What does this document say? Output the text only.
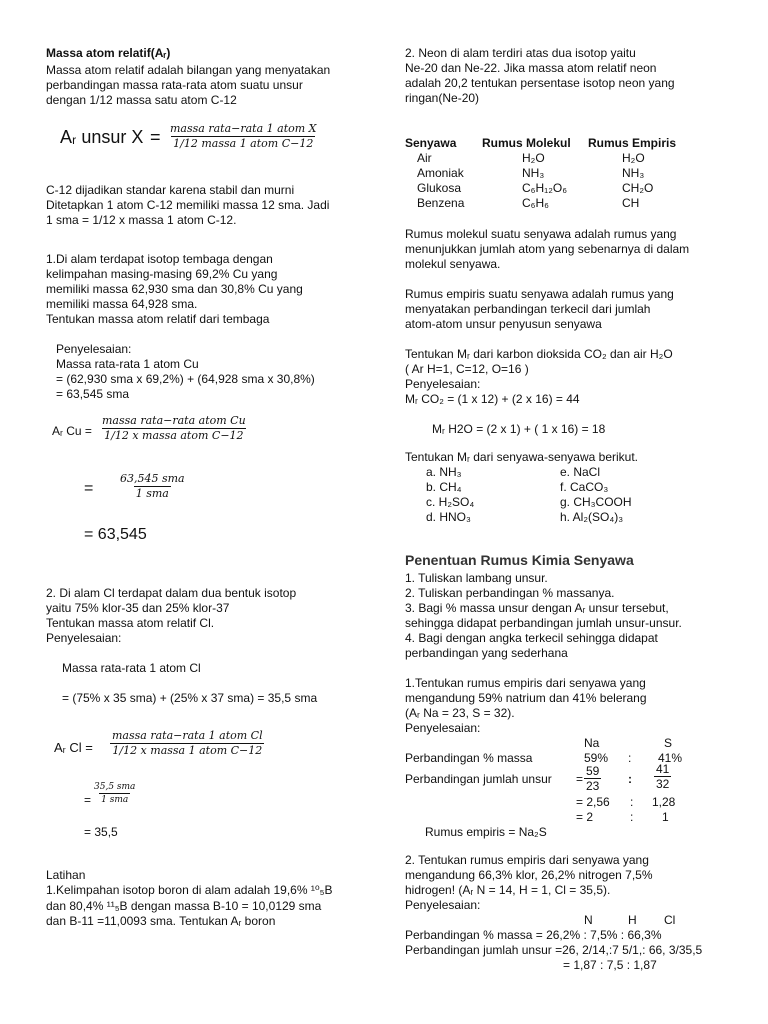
Massa atom relatif(Aᵣ)
Massa atom relatif adalah bilangan yang menyatakan
perbandingan massa rata-rata atom suatu unsur
dengan 1/12 massa satu atom C-12
Aᵣ unsur X = massa rata−rata 1 atom X
1/12 massa 1 atom C−12
C-12 dijadikan standar karena stabil dan murni
Ditetapkan 1 atom C-12 memiliki massa 12 sma. Jadi
1 sma = 1/12 x massa 1 atom C-12.
1.Di alam terdapat isotop tembaga dengan
kelimpahan masing-masing 69,2% Cu yang
memiliki massa 62,930 sma dan 30,8% Cu yang
memiliki massa 64,928 sma.
Tentukan massa atom relatif dari tembaga
Penyelesaian:
Massa rata-rata 1 atom Cu
= (62,930 sma x 69,2%) + (64,928 sma x 30,8%)
= 63,545 sma
Aᵣ Cu =
massa rata−rata atom Cu
1/12 x massa atom C−12
=
63,545 sma
1 sma
= 63,545
2. Di alam Cl terdapat dalam dua bentuk isotop
yaitu 75% klor-35 dan 25% klor-37
Tentukan massa atom relatif Cl.
Penyelesaian:
Massa rata-rata 1 atom Cl
= (75% x 35 sma) + (25% x 37 sma) = 35,5 sma
Aᵣ Cl =
massa rata−rata 1 atom Cl
1/12 x massa 1 atom C−12
=
35,5 sma
1 sma
= 35,5
Latihan
1.Kelimpahan isotop boron di alam adalah 19,6% ¹⁰₅B
dan 80,4% ¹¹₅B dengan massa B-10 = 10,0129 sma
dan B-11 =11,0093 sma. Tentukan Aᵣ boron
2. Neon di alam terdiri atas dua isotop yaitu
Ne-20 dan Ne-22. Jika massa atom relatif neon
adalah 20,2 tentukan persentase isotop neon yang
ringan(Ne-20)
Senyawa Rumus Molekul Rumus Empiris
Air	H₂O	H₂O
Amoniak	NH₃	NH₃
Glukosa	C₆H₁₂O₆	CH₂O
Benzena	C₆H₆	CH
Rumus molekul suatu senyawa adalah rumus yang
menunjukkan jumlah atom yang sebenarnya di dalam
molekul senyawa.
Rumus empiris suatu senyawa adalah rumus yang
menyatakan perbandingan terkecil dari jumlah
atom-atom unsur penyusun senyawa
Tentukan Mᵣ dari karbon dioksida CO₂ dan air H₂O
( Ar H=1, C=12, O=16 )
Penyelesaian:
Mᵣ CO₂ = (1 x 12) + (2 x 16) = 44
Mᵣ H2O = (2 x 1) + ( 1 x 16) = 18
Tentukan Mᵣ dari senyawa-senyawa berikut.
a. NH₃
b. CH₄
c. H₂SO₄
d. HNO₃
e. NaCl
f. CaCO₃
g. CH₃COOH
h. Al₂(SO₄)₃
Penentuan Rumus Kimia Senyawa
1. Tuliskan lambang unsur.
2. Tuliskan perbandingan % massanya.
3. Bagi % massa unsur dengan Aᵣ unsur tersebut,
sehingga didapat perbandingan jumlah unsur-unsur.
4. Bagi dengan angka terkecil sehingga didapat
perbandingan yang sederhana
1.Tentukan rumus empiris dari senyawa yang
mengandung 59% natrium dan 41% belerang
(Aᵣ Na = 23, S = 32).
Penyelesaian:
Na	S
Perbandingan % massa	59% : 41%
Perbandingan jumlah unsur = $\frac{59}{23}$ : $\frac{41}{32}$
= 2,56 : 1,28
= 2	: 1
Rumus empiris = Na₂S
2. Tentukan rumus empiris dari senyawa yang
mengandung 66,3% klor, 26,2% nitrogen 7,5%
hidrogen! (Aᵣ N = 14, H = 1, Cl = 35,5).
Penyelesaian:
N	H Cl
Perbandingan % massa = 26,2% : 7,5% : 66,3%
Perbandingan jumlah unsur =26, 2/14,:7 5/1,: 66, 3/35,5
= 1,87 : 7,5 : 1,87
